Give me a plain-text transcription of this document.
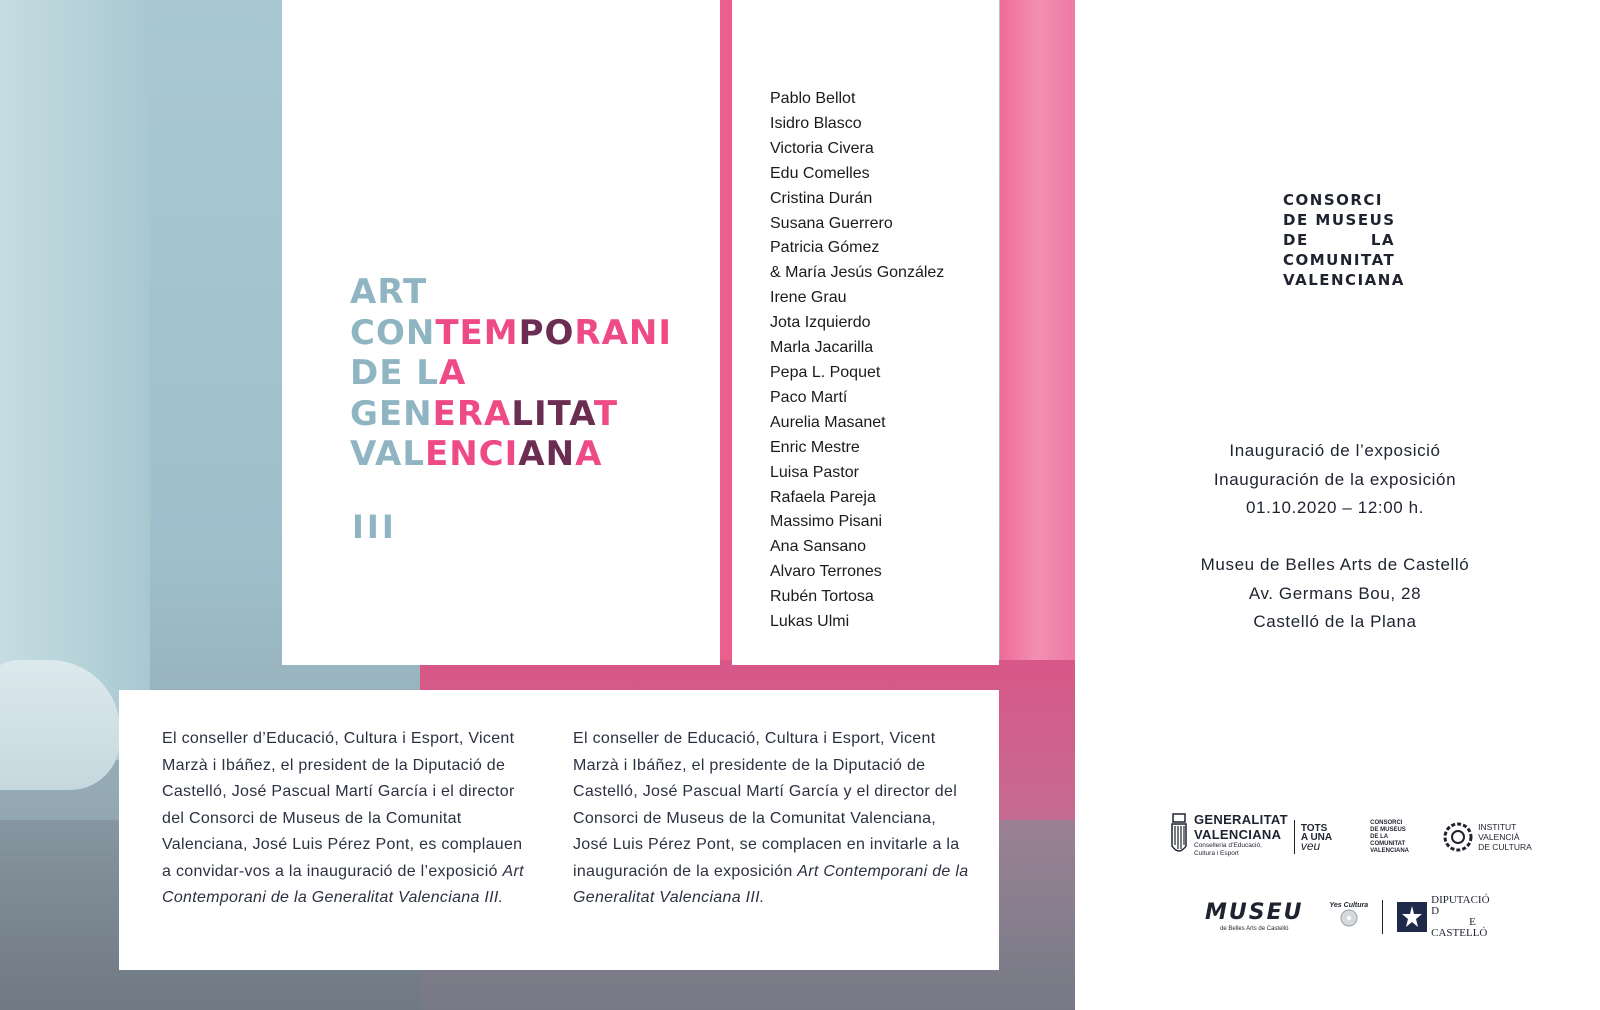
ART
CONTEMPORANI
DE LA
GENERALITAT
VALENCIANA
III
Pablo Bellot
Isidro Blasco
Victoria Civera
Edu Comelles
Cristina Durán
Susana Guerrero
Patricia Gómez
& María Jesús González
Irene Grau
Jota Izquierdo
Marla Jacarilla
Pepa L. Poquet
Paco Martí
Aurelia Masanet
Enric Mestre
Luisa Pastor
Rafaela Pareja
Massimo Pisani
Ana Sansano
Alvaro Terrones
Rubén Tortosa
Lukas Ulmi
El conseller d’Educació, Cultura i Esport, Vicent Marzà i Ibáñez, el president de la Diputació de Castelló, José Pascual Martí García i el director del Consorci de Museus de la Comunitat Valenciana, José Luis Pérez Pont, es complauen a convidar-vos a la inauguració de l’exposició Art Contemporani de la Generalitat Valenciana III.
El conseller de Educació, Cultura i Esport, Vicent Marzà i Ibáñez, el presidente de la Diputació de Castelló, José Pascual Martí García y el director del Consorci de Museus de la Comunitat Valenciana, José Luis Pérez Pont, se complacen en invitarle a la inauguración de la exposición Art Contemporani de la Generalitat Valenciana III.
CONSORCI
DE MUSEUS
DE	LA
COMUNITAT
VALENCIANA
Inauguració de l’exposició
Inauguración de la exposición
01.10.2020 – 12:00 h.
Museu de Belles Arts de Castelló
Av. Germans Bou, 28
Castelló de la Plana
GENERALITAT
VALENCIANA
Conselleria d’Educació,
Cultura i Esport
TOTS
A UNA
veu
CONSORCI
DE MUSEUS
DE LA
COMUNITAT
VALENCIANA
INSTITUT
VALENCIÀ
DE CULTURA
MUSEU
de Belles Arts de Castelló
Yes Cultura	DIPUTACIÓ
D
E
CASTELLÓ
